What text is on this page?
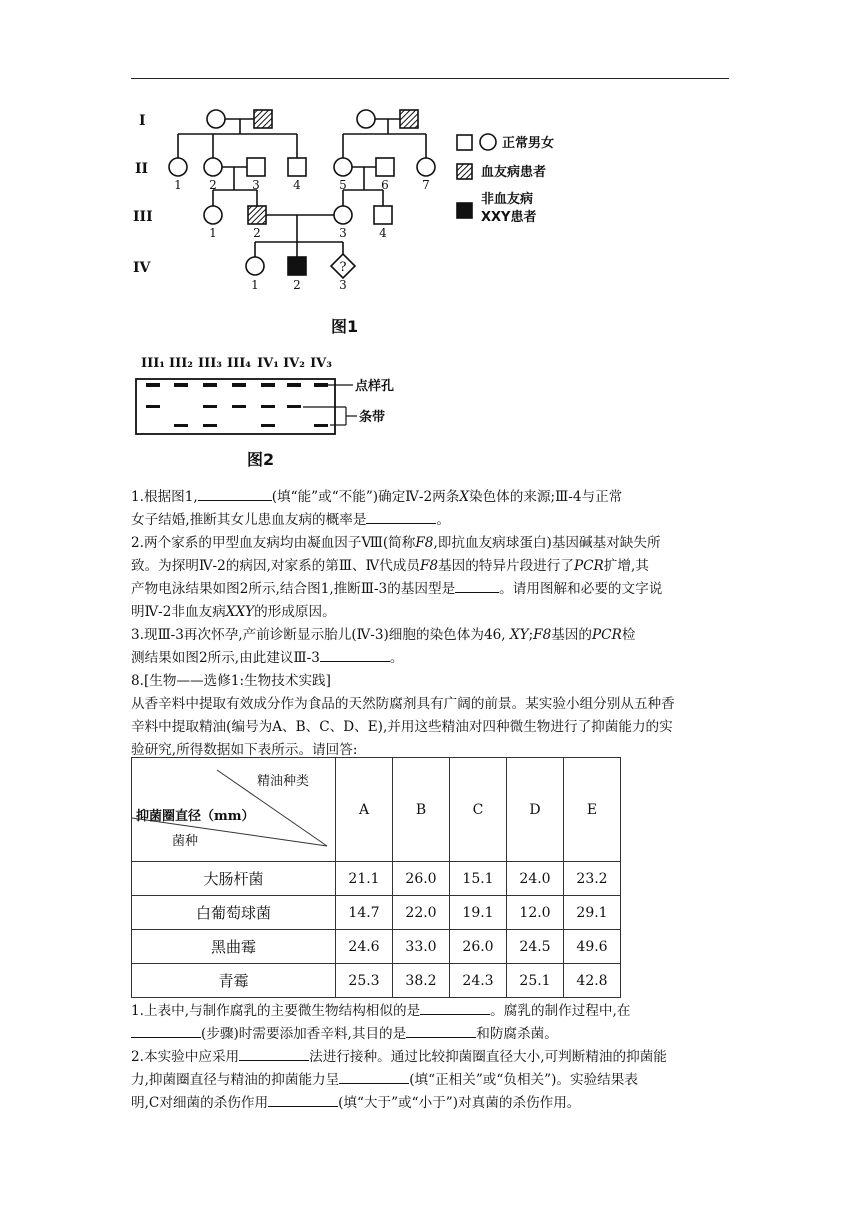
I
II
III
IV
1 2	3	4	5	6	7
1	2	3	4
1	2	3
?
正常男女
血友病患者
非血友病
XXY患者
图1
III₁ III₂ III₃ III₄ IV₁ IV₂ IV₃
点样孔
条带
图2

1.根据图1,	(填“能”或“不能”)确定Ⅳ-2两条X染色体的来源;Ⅲ-4与正常

女子结婚,推断其女儿患血友病的概率是	。

2.两个家系的甲型血友病均由凝血因子Ⅷ(简称F8,即抗血友病球蛋白)基因碱基对缺失所

致。为探明Ⅳ-2的病因,对家系的第Ⅲ、Ⅳ代成员F8基因的特异片段进行了PCR扩增,其

产物电泳结果如图2所示,结合图1,推断Ⅲ-3的基因型是	。请用图解和必要的文字说

明Ⅳ-2非血友病XXY的形成原因。

3.现Ⅲ-3再次怀孕,产前诊断显示胎儿(Ⅳ-3)细胞的染色体为46, XY;F8基因的PCR检

测结果如图2所示,由此建议Ⅲ-3	。

8.[生物——选修1:生物技术实践]

从香辛料中提取有效成分作为食品的天然防腐剂具有广阔的前景。某实验小组分别从五种香

辛料中提取精油(编号为A、B、C、D、E),并用这些精油对四种微生物进行了抑菌能力的实

验研究,所得数据如下表所示。请回答:

精油种类
抑菌圈直径（mm）
菌种	A	B	C	D	E
大肠杆菌	21.1	26.0	15.1	24.0	23.2
白葡萄球菌	14.7	22.0	19.1	12.0	29.1
黑曲霉	24.6	33.0	26.0	24.5	49.6
青霉	25.3	38.2	24.3	25.1	42.8

1.上表中,与制作腐乳的主要微生物结构相似的是	。腐乳的制作过程中,在

(步骤)时需要添加香辛料,其目的是	和防腐杀菌。

2.本实验中应采用	法进行接种。通过比较抑菌圈直径大小,可判断精油的抑菌能

力,抑菌圈直径与精油的抑菌能力呈	(填“正相关”或“负相关”)。实验结果表

明,C对细菌的杀伤作用	(填“大于”或“小于”)对真菌的杀伤作用。
